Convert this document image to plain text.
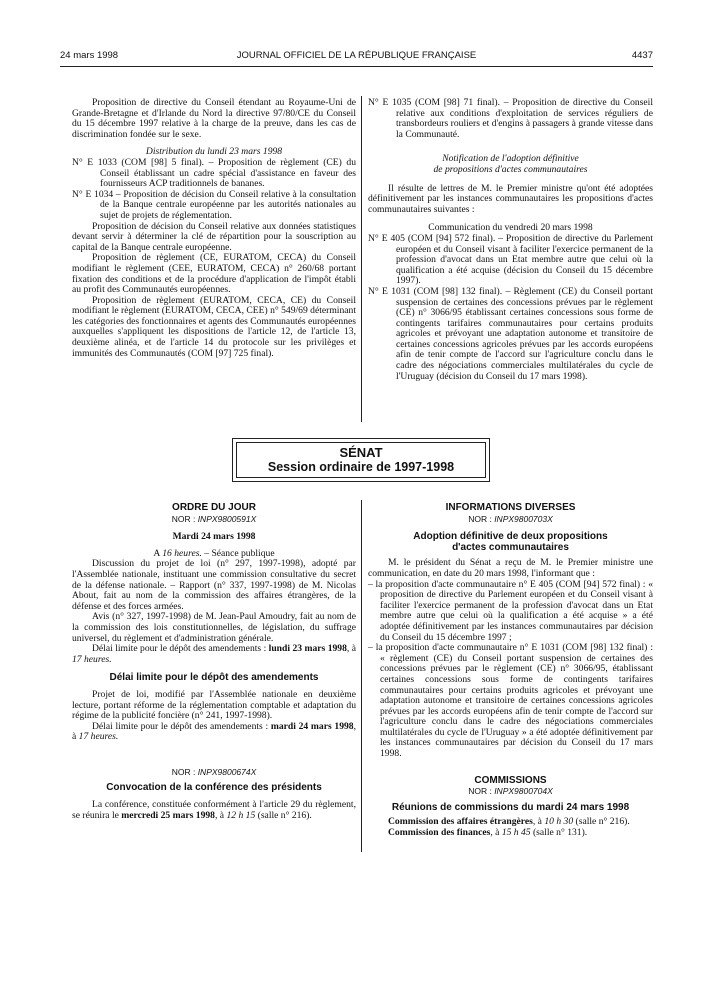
24 mars 1998	JOURNAL OFFICIEL DE LA RÉPUBLIQUE FRANÇAISE	4437

Proposition de directive du Conseil étendant au Royaume-Uni de Grande-Bretagne et d'Irlande du Nord la directive 97/80/CE du Conseil du 15 décembre 1997 relative à la charge de la preuve, dans les cas de discrimination fondée sur le sexe.

Distribution du lundi 23 mars 1998

N° E 1033 (COM [98] 5 final). – Proposition de règlement (CE) du Conseil établissant un cadre spécial d'assistance en faveur des fournisseurs ACP traditionnels de bananes.

N° E 1034 – Proposition de décision du Conseil relative à la consultation de la Banque centrale européenne par les autorités nationales au sujet de projets de réglementation.

Proposition de décision du Conseil relative aux données statistiques devant servir à déterminer la clé de répartition pour la souscription au capital de la Banque centrale européenne.

Proposition de règlement (CE, EURATOM, CECA) du Conseil modifiant le règlement (CEE, EURATOM, CECA) n° 260/68 portant fixation des conditions et de la procédure d'application de l'impôt établi au profit des Communautés européennes.

Proposition de règlement (EURATOM, CECA, CE) du Conseil modifiant le règlement (EURATOM, CECA, CEE) n° 549/69 déterminant les catégories des fonctionnaires et agents des Communautés européennes auxquelles s'appliquent les dispositions de l'article 12, de l'article 13, deuxième alinéa, et de l'article 14 du protocole sur les privilèges et immunités des Communautés (COM [97] 725 final).

N° E 1035 (COM [98] 71 final). – Proposition de directive du Conseil relative aux conditions d'exploitation de services réguliers de transbordeurs rouliers et d'engins à passagers à grande vitesse dans la Communauté.

Notification de l'adoption définitive

de propositions d'actes communautaires

Il résulte de lettres de M. le Premier ministre qu'ont été adoptées définitivement par les instances communautaires les propositions d'actes communautaires suivantes :

Communication du vendredi 20 mars 1998

N° E 405 (COM [94] 572 final). – Proposition de directive du Parlement européen et du Conseil visant à faciliter l'exercice permanent de la profession d'avocat dans un Etat membre autre que celui où la qualification a été acquise (décision du Conseil du 15 décembre 1997).

N° E 1031 (COM [98] 132 final). – Règlement (CE) du Conseil portant suspension de certaines des concessions prévues par le règlement (CE) n° 3066/95 établissant certaines concessions sous forme de contingents tarifaires communautaires pour certains produits agricoles et prévoyant une adaptation autonome et transitoire de certaines concessions agricoles prévues par les accords européens afin de tenir compte de l'accord sur l'agriculture conclu dans le cadre des négociations commerciales multilatérales du cycle de l'Uruguay (décision du Conseil du 17 mars 1998).

SÉNAT
Session ordinaire de 1997-1998

ORDRE DU JOUR

NOR : INPX9800591X

Mardi 24 mars 1998

A 16 heures. – Séance publique

Discussion du projet de loi (n° 297, 1997-1998), adopté par l'Assemblée nationale, instituant une commission consultative du secret de la défense nationale. – Rapport (n° 337, 1997-1998) de M. Nicolas About, fait au nom de la commission des affaires étrangères, de la défense et des forces armées.

Avis (n° 327, 1997-1998) de M. Jean-Paul Amoudry, fait au nom de la commission des lois constitutionnelles, de législation, du suffrage universel, du règlement et d'administration générale.

Délai limite pour le dépôt des amendements : lundi 23 mars 1998, à 17 heures.

Délai limite pour le dépôt des amendements

Projet de loi, modifié par l'Assemblée nationale en deuxième lecture, portant réforme de la réglementation comptable et adaptation du régime de la publicité foncière (n° 241, 1997-1998).

Délai limite pour le dépôt des amendements : mardi 24 mars 1998, à 17 heures.

NOR : INPX9800674X

Convocation de la conférence des présidents

La conférence, constituée conformément à l'article 29 du règlement, se réunira le mercredi 25 mars 1998, à 12 h 15 (salle n° 216).

INFORMATIONS DIVERSES

NOR : INPX9800703X

Adoption définitive de deux propositions

d'actes communautaires

M. le président du Sénat a reçu de M. le Premier ministre une communication, en date du 20 mars 1998, l'informant que :

– la proposition d'acte communautaire n° E 405 (COM [94] 572 final) : « proposition de directive du Parlement européen et du Conseil visant à faciliter l'exercice permanent de la profession d'avocat dans un Etat membre autre que celui où la qualification a été acquise » a été adoptée définitivement par les instances communautaires par décision du Conseil du 15 décembre 1997 ;

– la proposition d'acte communautaire n° E 1031 (COM [98] 132 final) : « règlement (CE) du Conseil portant suspension de certaines des concessions prévues par le règlement (CE) n° 3066/95, établissant certaines concessions sous forme de contingents tarifaires communautaires pour certains produits agricoles et prévoyant une adaptation autonome et transitoire de certaines concessions agricoles prévues par les accords européens afin de tenir compte de l'accord sur l'agriculture conclu dans le cadre des négociations commerciales multilatérales du cycle de l'Uruguay » a été adoptée définitivement par les instances communautaires par décision du Conseil du 17 mars 1998.

COMMISSIONS

NOR : INPX9800704X

Réunions de commissions du mardi 24 mars 1998

Commission des affaires étrangères, à 10 h 30 (salle n° 216).

Commission des finances, à 15 h 45 (salle n° 131).
